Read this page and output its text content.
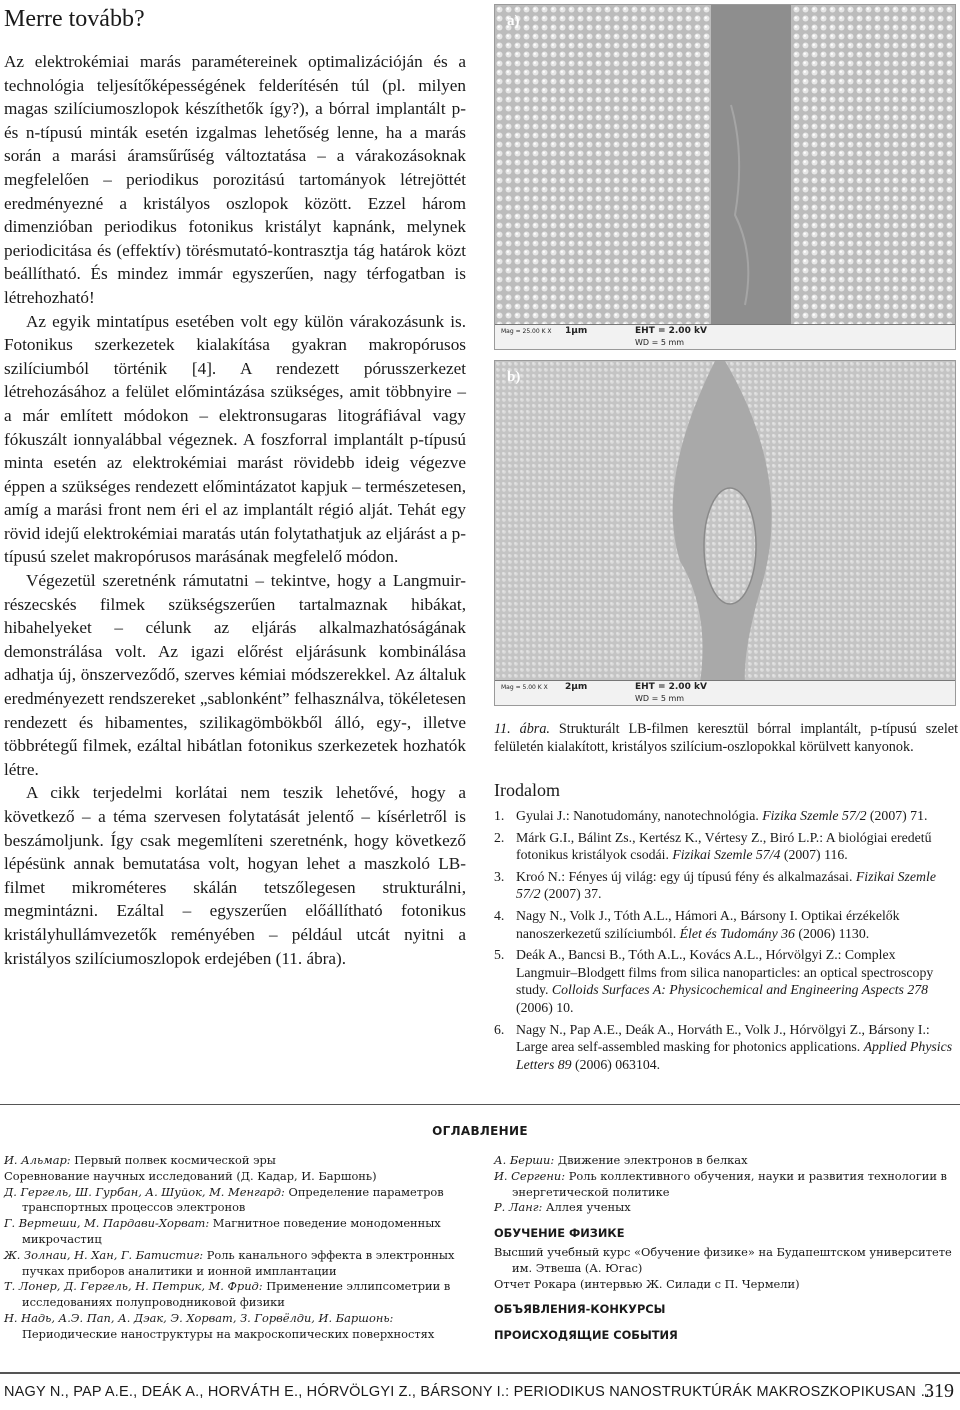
Merre tovább?

Az elektrokémiai marás paramétereinek optimalizációján és a technológia teljesítőképességének felderítésén túl (pl. milyen magas szilíciumoszlopok készíthetők így?), a bórral implantált p- és n-típusú minták esetén izgalmas lehetőség lenne, ha a marás során a marási áramsűrűség változtatása – a várakozásoknak megfelelően – periodikus porozitású tartományok létrejöttét eredményezné a kristályos oszlopok között. Ezzel három dimenzióban periodikus fotonikus kristályt kapnánk, melynek periodicitása és (effektív) törésmutató-kontrasztja tág határok közt beállítható. És mindez immár egyszerűen, nagy térfogatban is létrehozható!

Az egyik mintatípus esetében volt egy külön várakozásunk is. Fotonikus szerkezetek kialakítása gyakran makropórusos szilíciumból történik [4]. A rendezett pórusszerkezet létrehozásához a felület előmintázása szükséges, amit többnyire – a már említett módokon – elektronsugaras litográfiával vagy fókuszált ionnyalábbal végeznek. A foszforral implantált p-típusú minta esetén az elektrokémiai marást rövidebb ideig végezve éppen a szükséges rendezett előmintázatot kapjuk – természetesen, amíg a marási front nem éri el az implantált régió alját. Tehát egy rövid idejű elektrokémiai maratás után folytathatjuk az eljárást a p-típusú szelet makropórusos marásának megfelelő módon.

Végezetül szeretnénk rámutatni – tekintve, hogy a Langmuir-részecskés filmek szükségszerűen tartalmaznak hibákat, hibahelyeket – célunk az eljárás alkalmazhatóságának demonstrálása volt. Az igazi előrést eljárásunk kombinálása adhatja új, önszerveződő, szerves kémiai módszerekkel. Az általuk eredményezett rendszereket „sablonként” felhasználva, tökéletesen rendezett és hibamentes, szilikagömbökből álló, egy-, illetve többrétegű filmek, ezáltal hibátlan fotonikus szerkezetek hozhatók létre.

A cikk terjedelmi korlátai nem teszik lehetővé, hogy a következő – a téma szervesen folytatását jelentő – kísérletről is beszámoljunk. Így csak megemlíteni szeretnénk, hogy következő lépésünk annak bemutatása volt, hogyan lehet a maszkoló LB-filmet mikrométeres skálán tetszőlegesen strukturálni, megmintázni. Ezáltal – egyszerűen előállítható fotonikus kristályhullámvezetők reményében – például utcát nyitni a kristályos szilíciumoszlopok erdejében (11. ábra).

a)
Mag = 25.00 K X 1µm	EHT = 2.00 kV
WD = 5 mm
b)
Mag = 5.00 K X 2µm	EHT = 2.00 kV
WD = 5 mm
11. ábra. Strukturált LB-filmen keresztül bórral implantált, p-típusú szelet felületén kialakított, kristályos szilícium-oszlopokkal körülvett kanyonok.
Irodalom
1. Gyulai J.: Nanotudomány, nanotechnológia. Fizika Szemle 57/2 (2007) 71.
2. Márk G.I., Bálint Zs., Kertész K., Vértesy Z., Biró L.P.: A biológiai eredetű fotonikus kristályok csodái. Fizikai Szemle 57/4 (2007) 116.
3. Kroó N.: Fényes új világ: egy új típusú fény és alkalmazásai. Fizikai Szemle 57/2 (2007) 37.
4. Nagy N., Volk J., Tóth A.L., Hámori A., Bársony I. Optikai érzékelők nanoszerkezetű szilíciumból. Élet és Tudomány 36 (2006) 1130.
5. Deák A., Bancsi B., Tóth A.L., Kovács A.L., Hórvölgyi Z.: Complex Langmuir–Blodgett films from silica nanoparticles: an optical spectroscopy study. Colloids Surfaces A: Physicochemical and Engineering Aspects 278 (2006) 10.
6. Nagy N., Pap A.E., Deák A., Horváth E., Volk J., Hórvölgyi Z., Bársony I.: Large area self-assembled masking for photonics applications. Applied Physics Letters 89 (2006) 063104.
ОГЛАВЛЕНИЕ

И. Альмар: Первый полвек космической эры

Соревнование научных исследований (Д. Кадар, И. Баршонь)

Д. Гергель, Ш. Гурбан, А. Шуйок, М. Менгард: Определение параметров транспортных процессов электронов

Г. Вертеши, М. Пардави-Хорват: Магнитное поведение монодоменных микрочастиц

Ж. Золнаи, Н. Хан, Г. Батистиг: Роль канального эффекта в электронных пучках приборов аналитики и ионной имплантации

Т. Лонер, Д. Гергель, Н. Петрик, М. Фрид: Применение эллипсометрии в исследованиях полупроводниковой физики

Н. Надь, А.Э. Пап, А. Дэак, Э. Хорват, З. Горвёлди, И. Баршонь: Периодические наноструктуры на макроскопических поверхностях

А. Берши: Движение электронов в белках

И. Сергени: Роль коллективного обучения, науки и развития технологии в энергетической политике

Р. Ланг: Аллея ученых

ОБУЧЕНИЕ ФИЗИКЕ

Высший учебный курс «Обучение физике» на Будапештском университете им. Этвеша (А. Югас)

Отчет Рокара (интервью Ж. Силади с П. Чермели)

ОБЪЯВЛЕНИЯ-КОНКУРСЫ
ПРОИСХОДЯЩИЕ СОБЫТИЯ
NAGY N., PAP A.E., DEÁK A., HORVÁTH E., HÓRVÖLGYI Z., BÁRSONY I.: PERIODIKUS NANOSTRUKTÚRÁK MAKROSZKOPIKUSAN …
319
